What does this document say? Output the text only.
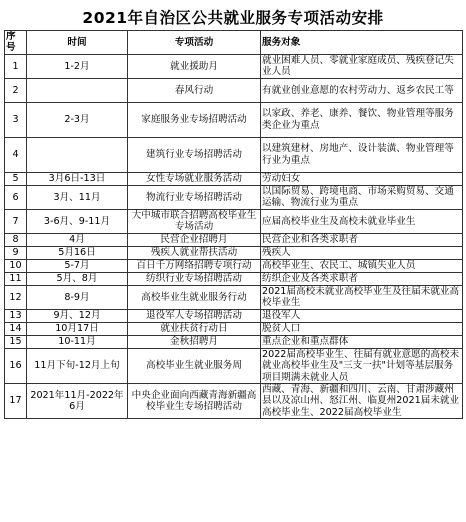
2021年自治区公共就业服务专项活动安排
序号	时间	专项活动	服务对象
1	1-2月	就业援助月	就业困难人员、零就业家庭成员、残疾登记失业人员
2		春风行动	有就业创业意愿的农村劳动力、返乡农民工等
3	2-3月	家庭服务业专场招聘活动	以家政、养老、康养、餐饮、物业管理等服务类企业为重点
4		建筑行业专场招聘活动	以建筑建材、房地产、设计装潢、物业管理等行业为重点
5	3月6日-13日	女性专场就业服务活动	劳动妇女
6	3月、11月	物流行业专场招聘活动	以国际贸易、跨境电商、市场采购贸易、交通运输、物流行业为重点
7	3-6月、9-11月	大中城市联合招聘高校毕业生专场活动	应届高校毕业生及高校未就业毕业生
8	4月	民营企业招聘月	民营企业和各类求职者
9	5月16日	残疾人就业帮扶活动	残疾人
10	5-7月	百日千万网络招聘专项行动	高校毕业生、农民工、城镇失业人员
11	5月、8月	纺织行业专场招聘活动	纺织企业及各类求职者
12	8-9月	高校毕业生就业服务行动	2021届高校未就业高校毕业生及往届未就业高校毕业生
13	9月、12月	退役军人专场招聘活动	退役军人
14	10月17日	就业扶贫行动日	脱贫人口
15	10-11月	金秋招聘月	重点企业和重点群体
16	11月下旬-12月上旬	高校毕业生就业服务周	2022届高校毕业生、往届有就业意愿的高校未就业高校毕业生及"三支一扶"计划等基层服务项目期满未就业人员
17	2021年11月-2022年6月	中央企业面向西藏青海新疆高校毕业生专场招聘活动	西藏、青海、新疆和四川、云南、甘肃涉藏州县以及凉山州、怒江州、临夏州2021届未就业高校毕业生、2022届高校毕业生
